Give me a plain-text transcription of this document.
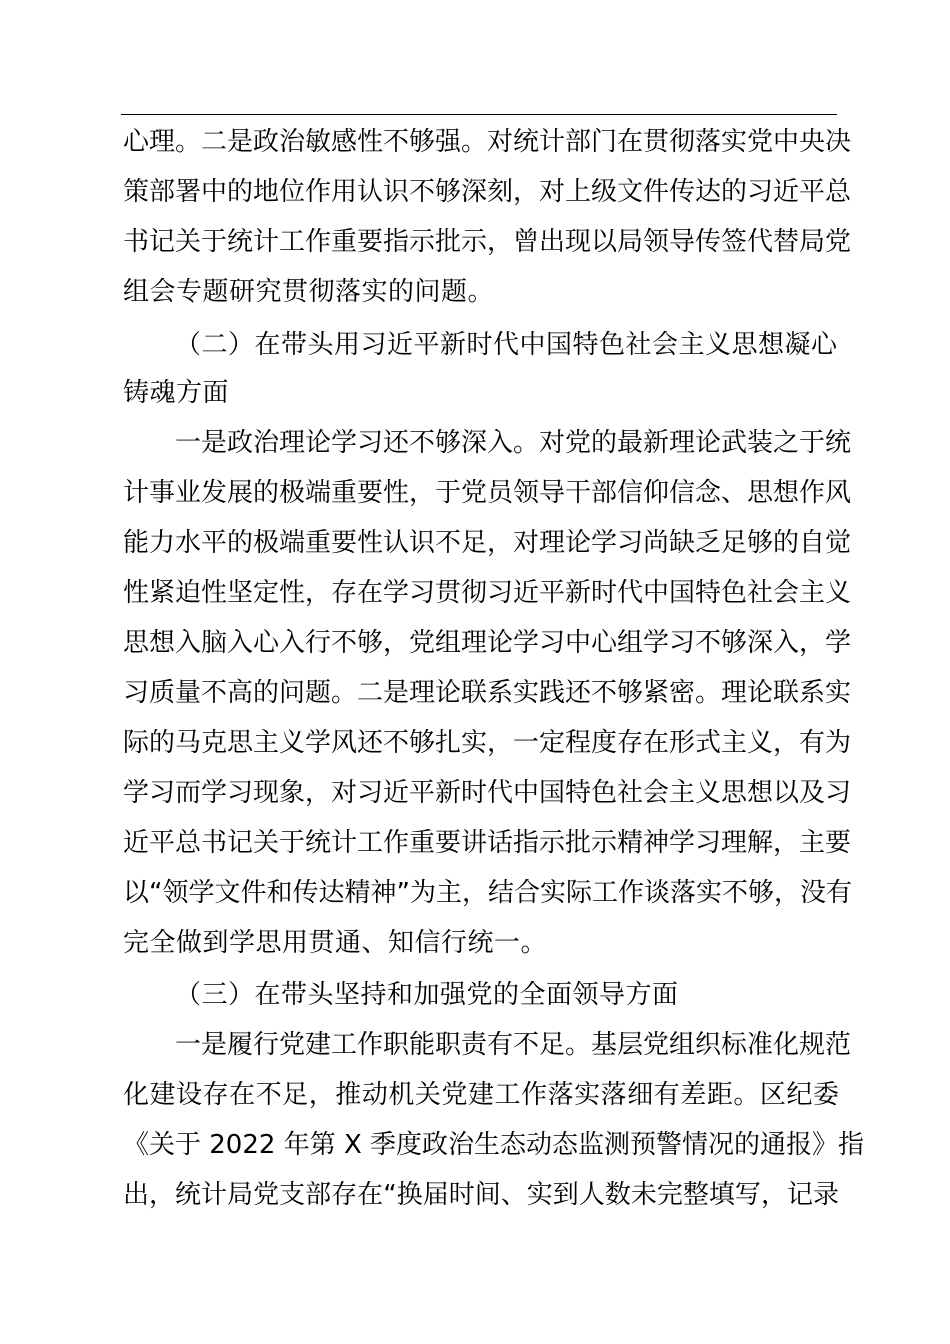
心理。二是政治敏感性不够强。对统计部门在贯彻落实党中央决
策部署中的地位作用认识不够深刻，对上级文件传达的习近平总
书记关于统计工作重要指示批示，曾出现以局领导传签代替局党
组会专题研究贯彻落实的问题。
（二）在带头用习近平新时代中国特色社会主义思想凝心
铸魂方面
一是政治理论学习还不够深入。对党的最新理论武装之于统
计事业发展的极端重要性，于党员领导干部信仰信念、思想作风
能力水平的极端重要性认识不足，对理论学习尚缺乏足够的自觉
性紧迫性坚定性，存在学习贯彻习近平新时代中国特色社会主义
思想入脑入心入行不够，党组理论学习中心组学习不够深入，学
习质量不高的问题。二是理论联系实践还不够紧密。理论联系实
际的马克思主义学风还不够扎实，一定程度存在形式主义，有为
学习而学习现象，对习近平新时代中国特色社会主义思想以及习
近平总书记关于统计工作重要讲话指示批示精神学习理解，主要
以“领学文件和传达精神”为主，结合实际工作谈落实不够，没有
完全做到学思用贯通、知信行统一。
（三）在带头坚持和加强党的全面领导方面
一是履行党建工作职能职责有不足。基层党组织标准化规范
化建设存在不足，推动机关党建工作落实落细有差距。区纪委
《关于 2022 年第 X 季度政治生态动态监测预警情况的通报》指
出，统计局党支部存在“换届时间、实到人数未完整填写，记录
